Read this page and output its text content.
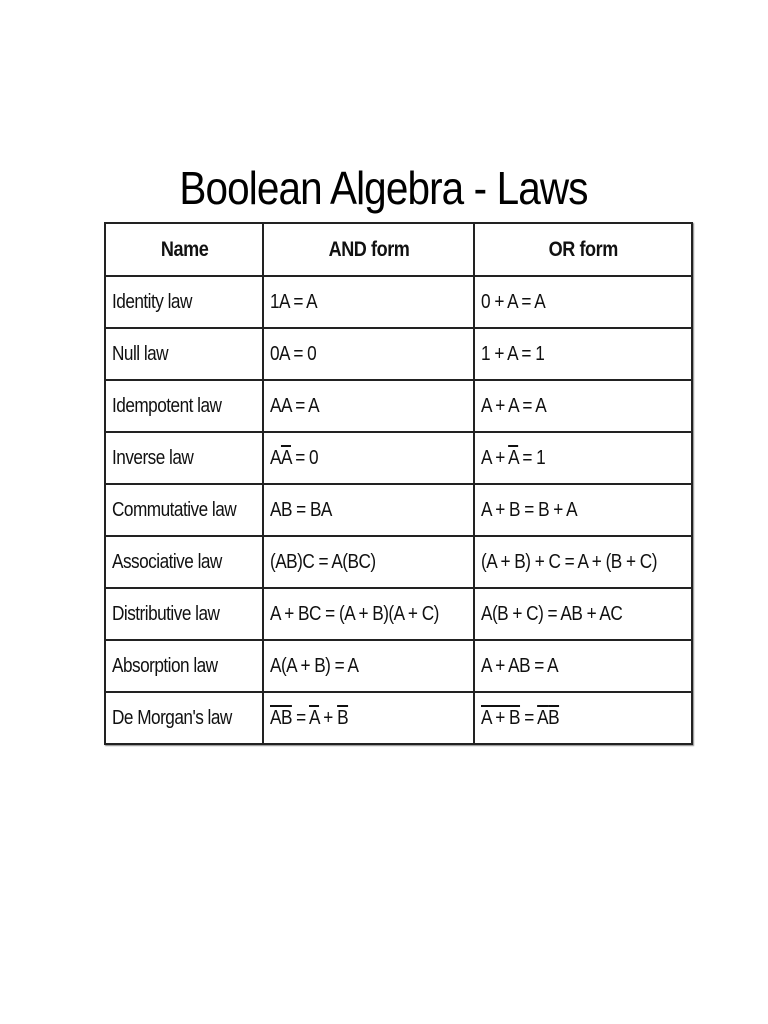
Boolean Algebra - Laws
Name	AND form	OR form
Identity law	1A = A	0 + A = A
Null law	0A = 0	1 + A = 1
Idempotent law	AA = A	A + A = A
Inverse law	$A\overline{A} = 0$	$A + \overline{A} = 1$
Commutative law	AB = BA	A + B = B + A
Associative law	(AB)C = A(BC)	(A + B) + C = A + (B + C)
Distributive law	A + BC = (A + B)(A + C)	A(B + C) = AB + AC
Absorption law	A(A + B) = A	A + AB = A
De Morgan's law	$\overline{AB} = \overline{A} + \overline{B}$	$A + B = \overline{A}\overline{B}$
